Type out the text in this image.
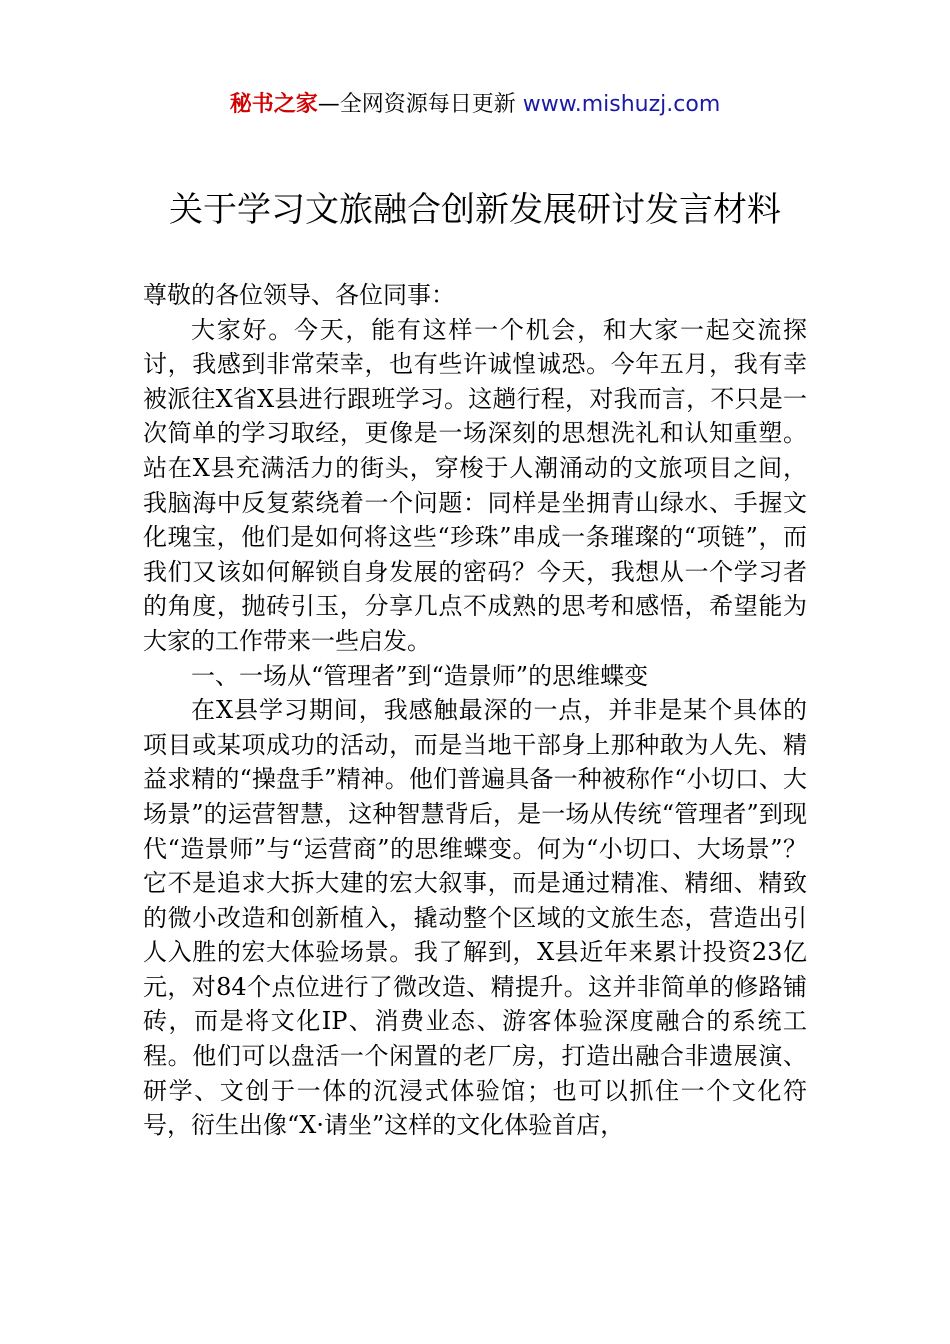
秘书之家—全网资源每日更新 www.mishuzj.com
关于学习文旅融合创新发展研讨发言材料

尊敬的各位领导、各位同事：

大家好。今天，能有这样一个机会，和大家一起交流探讨，我感到非常荣幸，也有些许诚惶诚恐。今年五月，我有幸被派往X省X县进行跟班学习。这趟行程，对我而言，不只是一次简单的学习取经，更像是一场深刻的思想洗礼和认知重塑。站在X县充满活力的街头，穿梭于人潮涌动的文旅项目之间，我脑海中反复萦绕着一个问题：同样是坐拥青山绿水、手握文化瑰宝，他们是如何将这些“珍珠”串成一条璀璨的“项链”，而我们又该如何解锁自身发展的密码？今天，我想从一个学习者的角度，抛砖引玉，分享几点不成熟的思考和感悟，希望能为大家的工作带来一些启发。

一、一场从“管理者”到“造景师”的思维蝶变

在X县学习期间，我感触最深的一点，并非是某个具体的项目或某项成功的活动，而是当地干部身上那种敢为人先、精益求精的“操盘手”精神。他们普遍具备一种被称作“小切口、大场景”的运营智慧，这种智慧背后，是一场从传统“管理者”到现代“造景师”与“运营商”的思维蝶变。何为“小切口、大场景”？它不是追求大拆大建的宏大叙事，而是通过精准、精细、精致的微小改造和创新植入，撬动整个区域的文旅生态，营造出引人入胜的宏大体验场景。我了解到，X县近年来累计投资23亿元，对84个点位进行了微改造、精提升。这并非简单的修路铺砖，而是将文化IP、消费业态、游客体验深度融合的系统工程。他们可以盘活一个闲置的老厂房，打造出融合非遗展演、研学、文创于一体的沉浸式体验馆；也可以抓住一个文化符号，衍生出像“X·请坐”这样的文化体验首店，
